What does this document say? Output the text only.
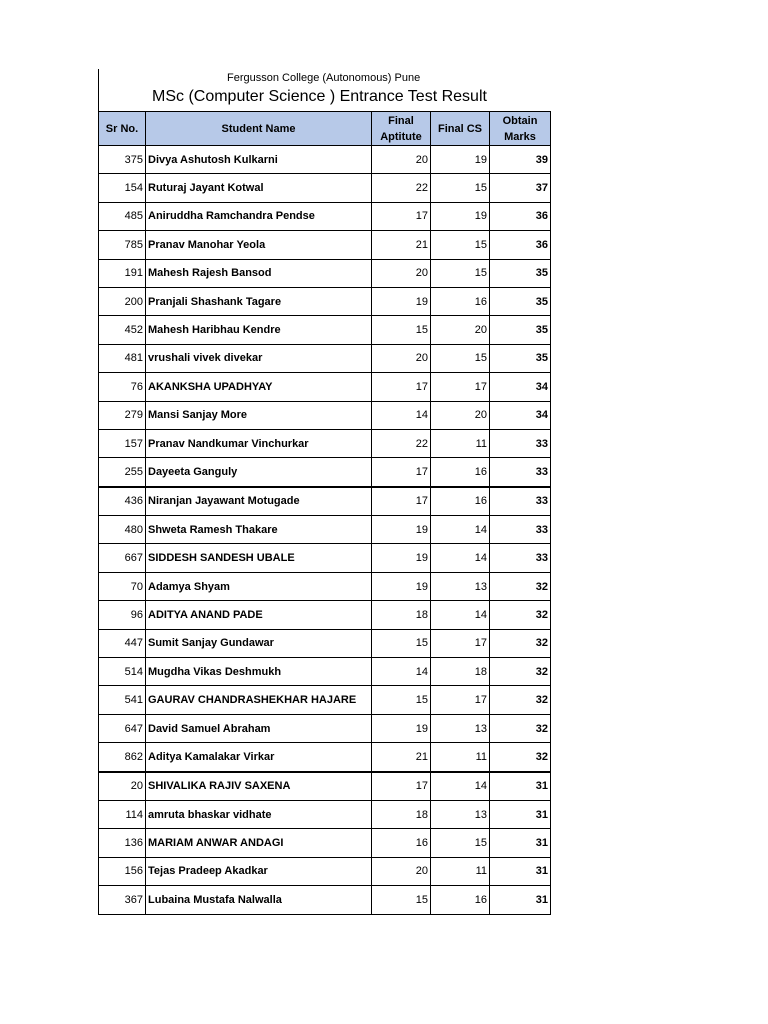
Fergusson College (Autonomous) Pune
MSc (Computer Science ) Entrance Test Result
Sr No.	Student Name	Final Aptitute	Final CS	Obtain Marks
375	Divya Ashutosh Kulkarni	20	19	39
154	Ruturaj Jayant Kotwal	22	15	37
485	Aniruddha Ramchandra Pendse	17	19	36
785	Pranav Manohar Yeola	21	15	36
191	Mahesh Rajesh Bansod	20	15	35
200	Pranjali Shashank Tagare	19	16	35
452	Mahesh Haribhau Kendre	15	20	35
481	vrushali vivek divekar	20	15	35
76	AKANKSHA UPADHYAY	17	17	34
279	Mansi Sanjay More	14	20	34
157	Pranav Nandkumar Vinchurkar	22	11	33
255	Dayeeta Ganguly	17	16	33
436	Niranjan Jayawant Motugade	17	16	33
480	Shweta Ramesh Thakare	19	14	33
667	SIDDESH SANDESH UBALE	19	14	33
70	Adamya Shyam	19	13	32
96	ADITYA ANAND PADE	18	14	32
447	Sumit Sanjay Gundawar	15	17	32
514	Mugdha Vikas Deshmukh	14	18	32
541	GAURAV CHANDRASHEKHAR HAJARE	15	17	32
647	David Samuel Abraham	19	13	32
862	Aditya Kamalakar Virkar	21	11	32
20	SHIVALIKA RAJIV SAXENA	17	14	31
114	amruta bhaskar vidhate	18	13	31
136	MARIAM ANWAR ANDAGI	16	15	31
156	Tejas Pradeep Akadkar	20	11	31
367	Lubaina Mustafa Nalwalla	15	16	31
